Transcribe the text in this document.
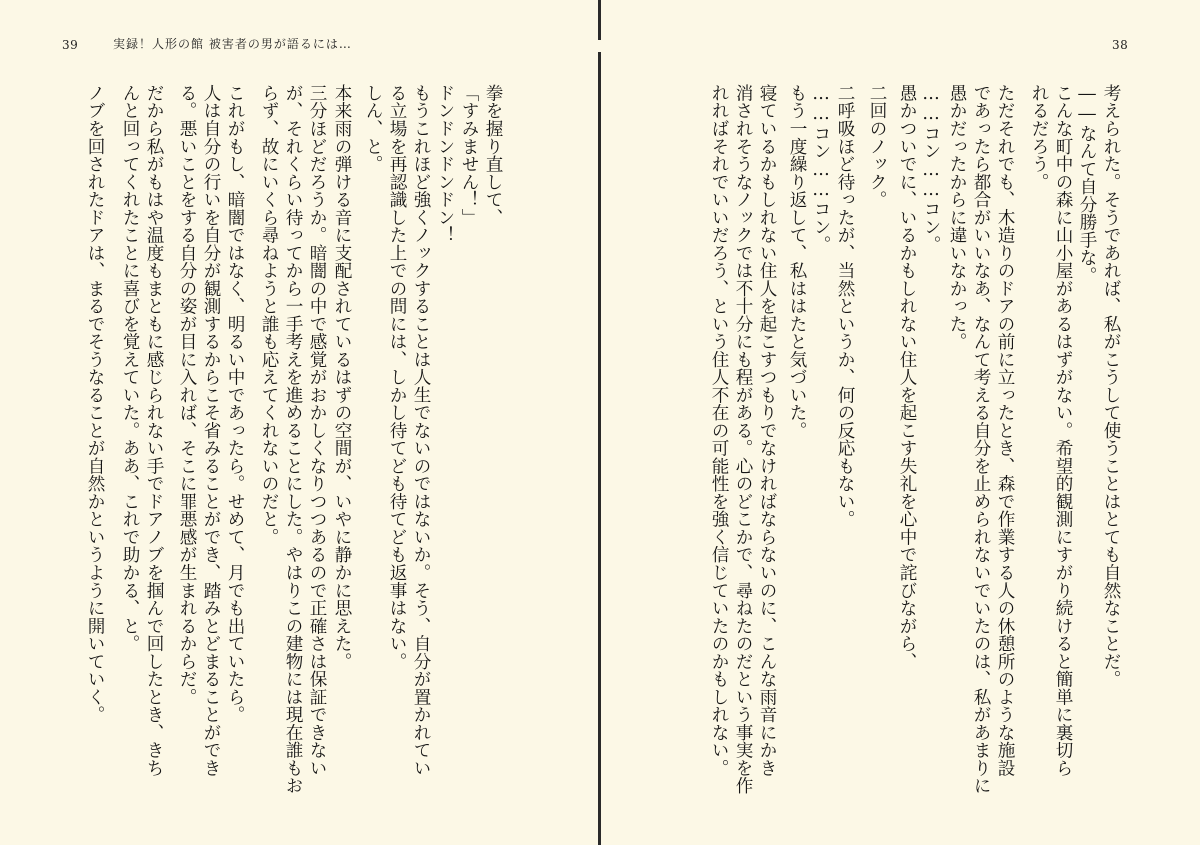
39	実録！人形の館 被害者の男が語るには…
拳を握り直して、
「すみません！」
ドンドンドンドン！
もうこれほど強くノックすることは人生でないのではないか。そう、自分が置かれてい
る立場を再認識した上での問には、しかし待てども待てども返事はない。
しん、と。
本来雨の弾ける音に支配されているはずの空間が、いやに静かに思えた。
三分ほどだろうか。暗闇の中で感覚がおかしくなりつつあるので正確さは保証できない
が、それくらい待ってから一手考えを進めることにした。やはりこの建物には現在誰もお
らず、故にいくら尋ねようと誰も応えてくれないのだと。
これがもし、暗闇ではなく、明るい中であったら。せめて、月でも出ていたら。
人は自分の行いを自分が観測するからこそ省みることができ、踏みとどまることができ
る。悪いことをする自分の姿が目に入れば、そこに罪悪感が生まれるからだ。
だから私がもはや温度もまともに感じられない手でドアノブを掴んで回したとき、きち
んと回ってくれたことに喜びを覚えていた。ああ、これで助かる、と。
ノブを回されたドアは、まるでそうなることが自然かというように開いていく。
38
考えられた。そうであれば、私がこうして使うことはとても自然なことだ。
――なんて自分勝手な。
こんな町中の森に山小屋があるはずがない。希望的観測にすがり続けると簡単に裏切ら
れるだろう。
ただそれでも、木造りのドアの前に立ったとき、森で作業する人の休憩所のような施設
であったら都合がいいなあ、なんて考える自分を止められないでいたのは、私があまりに
愚かだったからに違いなかった。
……コン……コン。
愚かついでに、いるかもしれない住人を起こす失礼を心中で詫びながら、
二回のノック。
二呼吸ほど待ったが、当然というか、何の反応もない。
……コン……コン。
もう一度繰り返して、私ははたと気づいた。
寝ているかもしれない住人を起こすつもりでなければならないのに、こんな雨音にかき
消されそうなノックでは不十分にも程がある。心のどこかで、尋ねたのだという事実を作
れればそれでいいだろう、という住人不在の可能性を強く信じていたのかもしれない。
